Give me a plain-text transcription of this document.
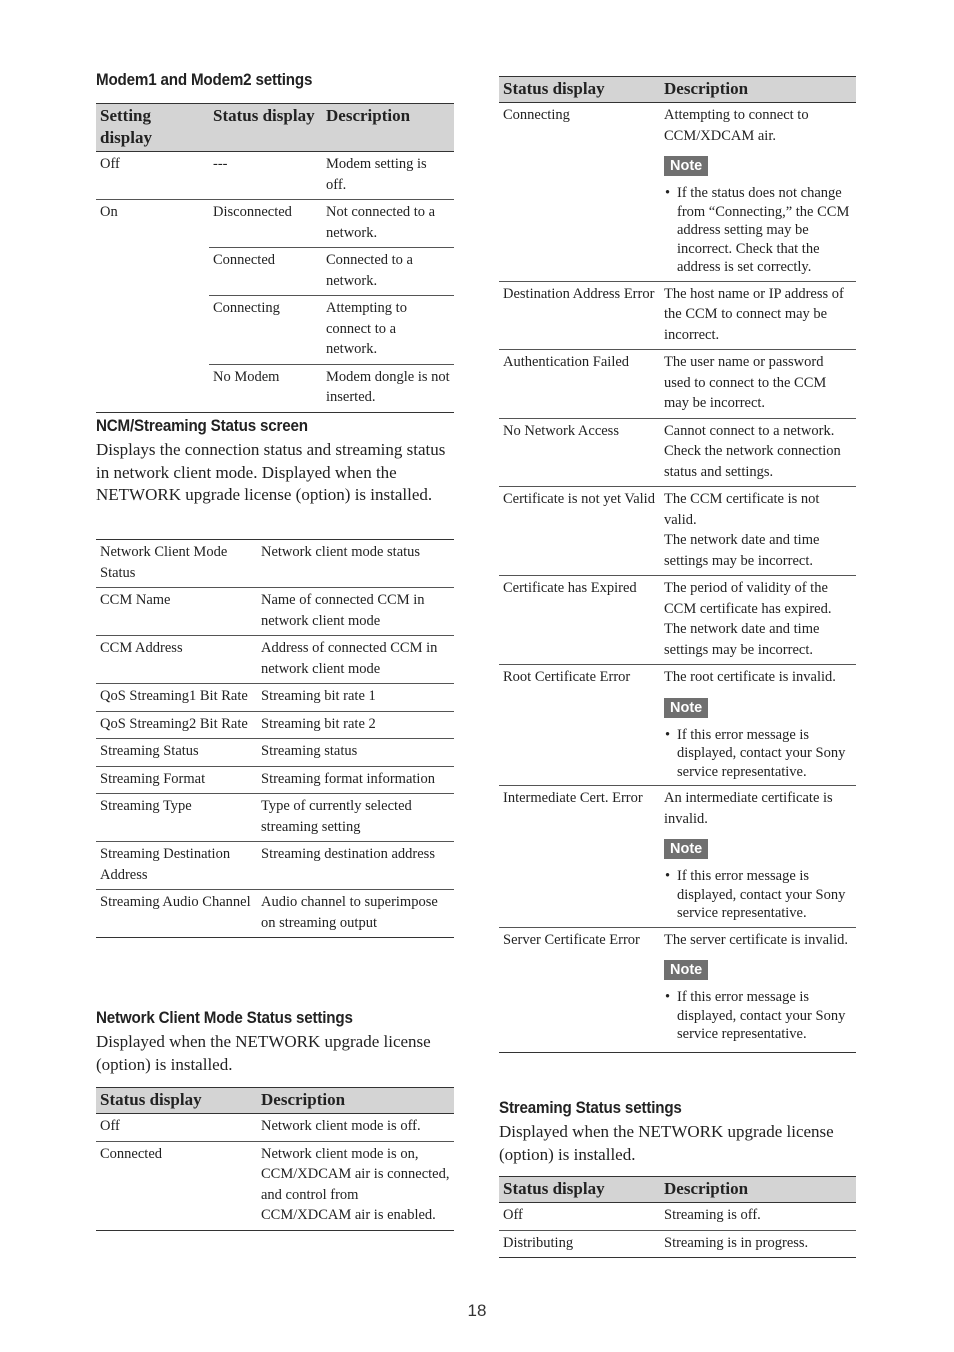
Modem1 and Modem2 settings
Setting display	Status display	Description
Off	---	Modem setting is off.
On	Disconnected	Not connected to a network.
	Connected	Connected to a network.
	Connecting	Attempting to connect to a network.
	No Modem	Modem dongle is not inserted.
NCM/Streaming Status screen

Displays the connection status and streaming status in network client mode. Displayed when the NETWORK upgrade license (option) is installed.

Network Client Mode Status	Network client mode status
CCM Name	Name of connected CCM in network client mode
CCM Address	Address of connected CCM in network client mode
QoS Streaming1 Bit Rate	Streaming bit rate 1
QoS Streaming2 Bit Rate	Streaming bit rate 2
Streaming Status	Streaming status
Streaming Format	Streaming format information
Streaming Type	Type of currently selected streaming setting
Streaming Destination Address	Streaming destination address
Streaming Audio Channel	Audio channel to superimpose on streaming output
Network Client Mode Status settings

Displayed when the NETWORK upgrade license (option) is installed.

Status display	Description
Off	Network client mode is off.
Connected	Network client mode is on, CCM/XDCAM air is connected, and control from CCM/XDCAM air is enabled.
Status display	Description
Connecting	Attempting to connect to CCM/XDCAM air.
Note
• If the status does not change from “Connecting,” the CCM address setting may be incorrect. Check that the address is set correctly.

Destination Address Error	The host name or IP address of the CCM to connect may be incorrect.
Authentication Failed	The user name or password used to connect to the CCM may be incorrect.
No Network Access	Cannot connect to a network. Check the network connection status and settings.
Certificate is not yet Valid	The CCM certificate is not valid.
The network date and time settings may be incorrect.

Certificate has Expired	The period of validity of the CCM certificate has expired.
The network date and time settings may be incorrect.

Root Certificate Error	The root certificate is invalid.
Note
• If this error message is displayed, contact your Sony service representative.

Intermediate Cert. Error	An intermediate certificate is invalid.
Note
• If this error message is displayed, contact your Sony service representative.

Server Certificate Error	The server certificate is invalid.
Note
• If this error message is displayed, contact your Sony service representative.
Streaming Status settings

Displayed when the NETWORK upgrade license (option) is installed.

Status display	Description
Off	Streaming is off.
Distributing	Streaming is in progress.
18
